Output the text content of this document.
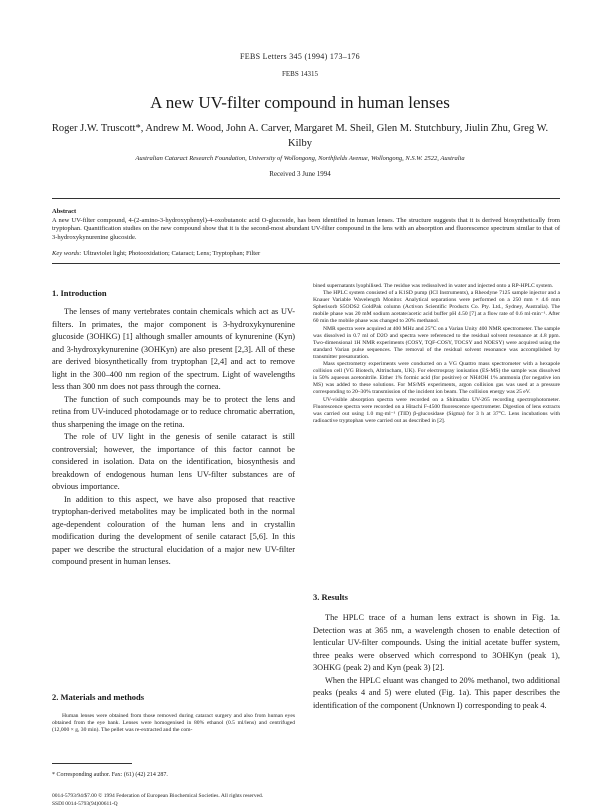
FEBS Letters 345 (1994) 173–176
FEBS 14315
A new UV-filter compound in human lenses
Roger J.W. Truscott*, Andrew M. Wood, John A. Carver, Margaret M. Sheil, Glen M. Stutchbury, Jiulin Zhu, Greg W. Kilby
Australian Cataract Research Foundation, University of Wollongong, Northfields Avenue, Wollongong, N.S.W. 2522, Australia
Received 3 June 1994
Abstract
A new UV-filter compound, 4-(2-amino-3-hydroxyphenyl)-4-oxobutanoic acid O-glucoside, has been identified in human lenses. The structure suggests that it is derived biosynthetically from tryptophan. Quantification studies on the new compound show that it is the second-most abundant UV-filter compound in the lens with an absorption and fluorescence spectrum similar to that of 3-hydroxykynurenine glucoside.
Key words: Ultraviolet light; Photooxidation; Cataract; Lens; Tryptophan; Filter
1. Introduction

The lenses of many vertebrates contain chemicals which act as UV-filters. In primates, the major component is 3-hydroxykynurenine glucoside (3OHKG) [1] although smaller amounts of kynurenine (Kyn) and 3-hydroxykynurenine (3OHKyn) are also present [2,3]. All of these are derived biosynthetically from tryptophan [2,4] and act to remove light in the 300–400 nm region of the spectrum. Light of wavelengths less than 300 nm does not pass through the cornea.

The function of such compounds may be to protect the lens and retina from UV-induced photodamage or to reduce chromatic aberration, thus sharpening the image on the retina.

The role of UV light in the genesis of senile cataract is still controversial; however, the importance of this factor cannot be considered in isolation. Data on the identification, biosynthesis and breakdown of endogenous human lens UV-filter substances are of obvious importance.

In addition to this aspect, we have also proposed that reactive tryptophan-derived metabolites may be implicated both in the normal age-dependent colouration of the human lens and in crystallin modification during the development of senile cataract [5,6]. In this paper we describe the structural elucidation of a major new UV-filter compound present in human lenses.

2. Materials and methods

Human lenses were obtained from those removed during cataract surgery and also from human eyes obtained from the eye bank. Lenses were homogenised in 80% ethanol (0.5 ml/lens) and centrifuged (12,000 × g, 30 min). The pellet was re-extracted and the com-

* Corresponding author. Fax: (61) (42) 214 287.
0014-5793/94/$7.00 © 1994 Federation of European Biochemical Societies. All rights reserved.
SSDI 0014-5793(94)00611-Q

bined supernatants lyophilised. The residue was redissolved in water and injected onto a RP-HPLC system.

The HPLC system consisted of a K1SD pump (ICI Instruments), a Rheodyne 7125 sample injector and a Knauer Variable Wavelength Monitor. Analytical separations were performed on a 250 mm × 4.6 mm Spherisorb S5ODS2 GoldPak column (Activon Scientific Products Co. Pty. Ltd., Sydney, Australia). The mobile phase was 20 mM sodium acetate/acetic acid buffer pH 4.50 [7] at a flow rate of 0.6 ml·min⁻¹. After 60 min the mobile phase was changed to 20% methanol.

NMR spectra were acquired at 400 MHz and 25°C on a Varian Unity 400 NMR spectrometer. The sample was dissolved in 0.7 ml of D2O and spectra were referenced to the residual solvent resonance at 4.8 ppm. Two-dimensional 1H NMR experiments (COSY, TQF-COSY, TOCSY and NOESY) were acquired using the standard Varian pulse sequences. The removal of the residual solvent resonance was accomplished by transmitter presaturation.

Mass spectrometry experiments were conducted on a VG Quattro mass spectrometer with a hexapole collision cell (VG Biotech, Altrincham, UK). For electrospray ionisation (ES-MS) the sample was dissolved in 50% aqueous acetonitrile. Either 1% formic acid (for positive) or NH4OH 1% ammonia (for negative ion MS) was added to these solutions. For MS/MS experiments, argon collision gas was used at a pressure corresponding to 20–30% transmission of the incident ion beam. The collision energy was 25 eV.

UV-visible absorption spectra were recorded on a Shimadzu UV-265 recording spectrophotometer. Fluorescence spectra were recorded on a Hitachi F-4500 fluorescence spectrometer. Digestion of lens extracts was carried out using 1.0 mg·ml⁻¹ (TID) β-glucosidase (Sigma) for 3 h at 37°C. Lens incubations with radioactive tryptophan were carried out as described in [2].

3. Results

The HPLC trace of a human lens extract is shown in Fig. 1a. Detection was at 365 nm, a wavelength chosen to enable detection of lenticular UV-filter compounds. Using the initial acetate buffer system, three peaks were observed which correspond to 3OHKyn (peak 1), 3OHKG (peak 2) and Kyn (peak 3) [2].

When the HPLC eluant was changed to 20% methanol, two additional peaks (peaks 4 and 5) were eluted (Fig. 1a). This paper describes the identification of the component (Unknown I) corresponding to peak 4.
